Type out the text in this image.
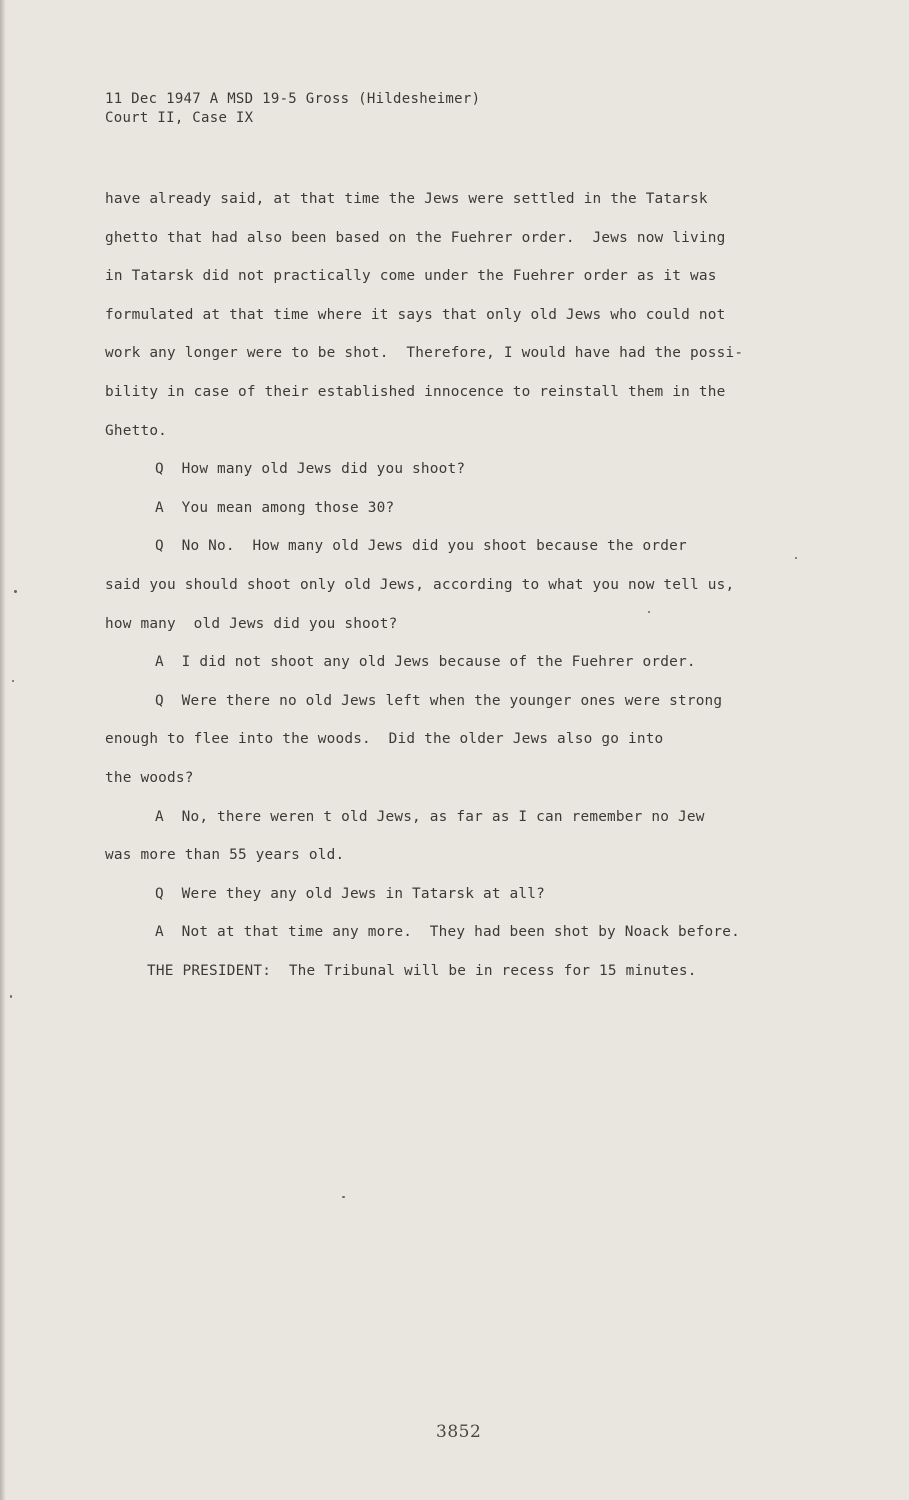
11 Dec 1947 A MSD 19-5 Gross (Hildesheimer)
Court II, Case IX
have already said, at that time the Jews were settled in the Tatarsk
ghetto that had also been based on the Fuehrer order.  Jews now living
in Tatarsk did not practically come under the Fuehrer order as it was
formulated at that time where it says that only old Jews who could not
work any longer were to be shot.  Therefore, I would have had the possi-
bility in case of their established innocence to reinstall them in the
Ghetto.
Q  How many old Jews did you shoot?
A  You mean among those 30?
Q  No No.  How many old Jews did you shoot because the order
said you should shoot only old Jews, according to what you now tell us,
how many  old Jews did you shoot?
A  I did not shoot any old Jews because of the Fuehrer order.
Q  Were there no old Jews left when the younger ones were strong
enough to flee into the woods.  Did the older Jews also go into
the woods?
A  No, there weren t old Jews, as far as I can remember no Jew
was more than 55 years old.
Q  Were they any old Jews in Tatarsk at all?
A  Not at that time any more.  They had been shot by Noack before.
THE PRESIDENT:  The Tribunal will be in recess for 15 minutes.
3852
